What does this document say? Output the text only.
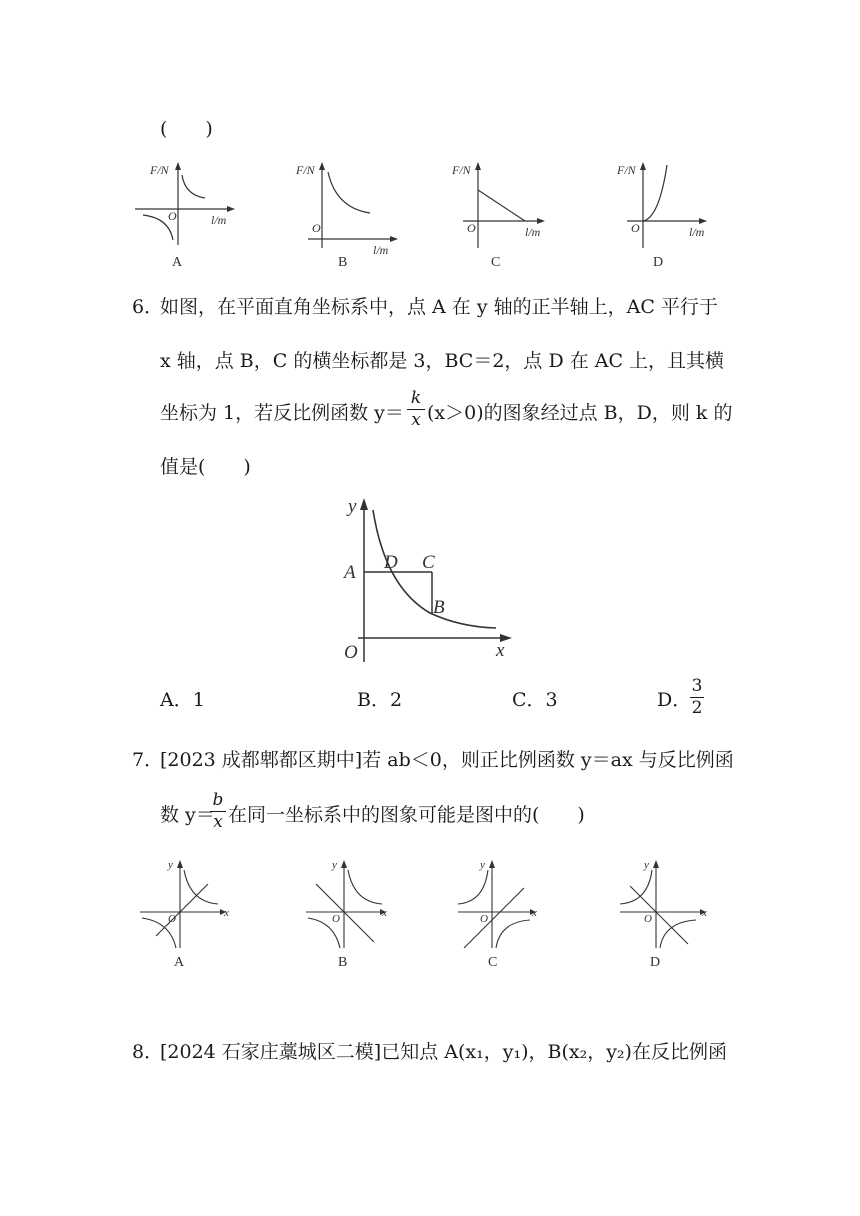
(　　)
F/N
O	l/m
A
F/N
O
l/m
B
F/N
O	l/m
C
F/N
O	l/m
D
6．
如图，在平面直角坐标系中，点 A 在 y 轴的正半轴上，AC 平行于
x 轴，点 B，C 的横坐标都是 3，BC＝2，点 D 在 AC 上，且其横
坐标为 1，若反比例函数 y＝
k
x (x＞0)的图象经过点 B，D，则 k 的
值是(　　)
y
x
O
A D C
B
A．1	B．2	C．3	D．
3
2
7．
[2023 成都郫都区期中]若 ab＜0，则正比例函数 y＝ax 与反比例函
数 y＝
b
x 在同一坐标系中的图象可能是图中的(　　)
y
x
O
A
y
x
O
B
y
x
O
C
y
x
O
D
8．
[2024 石家庄藁城区二模]已知点 A(x₁，y₁)，B(x₂，y₂)在反比例函
